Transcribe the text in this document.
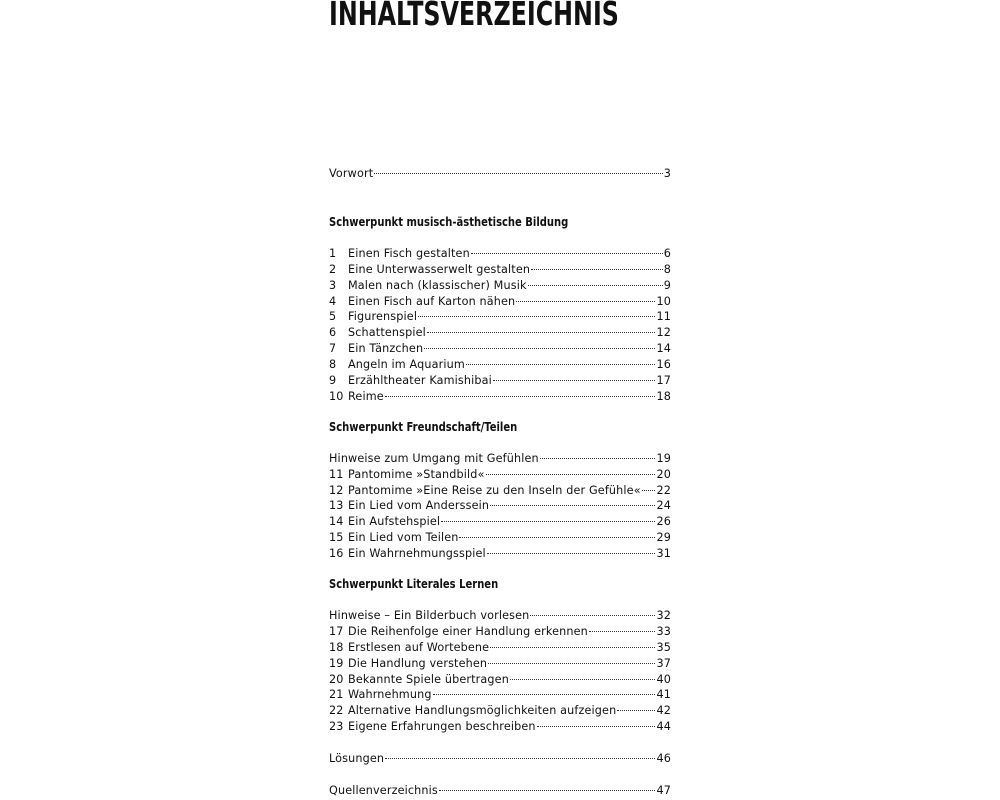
INHALTSVERZEICHNIS
Vorwort	3
Schwerpunkt musisch-ästhetische Bildung
1	Einen Fisch gestalten	6
2	Eine Unterwasserwelt gestalten	8
3	Malen nach (klassischer) Musik	9
4	Einen Fisch auf Karton nähen	10
5	Figurenspiel	11
6	Schattenspiel	12
7	Ein Tänzchen	14
8	Angeln im Aquarium	16
9	Erzähltheater Kamishibai	17
10 Reime	18
Schwerpunkt Freundschaft/Teilen
Hinweise zum Umgang mit Gefühlen	19
11 Pantomime »Standbild«	20
12 Pantomime »Eine Reise zu den Inseln der Gefühle« 22
13 Ein Lied vom Anderssein	24
14 Ein Aufstehspiel	26
15 Ein Lied vom Teilen	29
16 Ein Wahrnehmungsspiel	31
Schwerpunkt Literales Lernen
Hinweise – Ein Bilderbuch vorlesen	32
17 Die Reihenfolge einer Handlung erkennen	33
18 Erstlesen auf Wortebene	35
19 Die Handlung verstehen	37
20 Bekannte Spiele übertragen	40
21 Wahrnehmung	41
22 Alternative Handlungsmöglichkeiten aufzeigen	42
23 Eigene Erfahrungen beschreiben	44
Lösungen	46
Quellenverzeichnis	47
